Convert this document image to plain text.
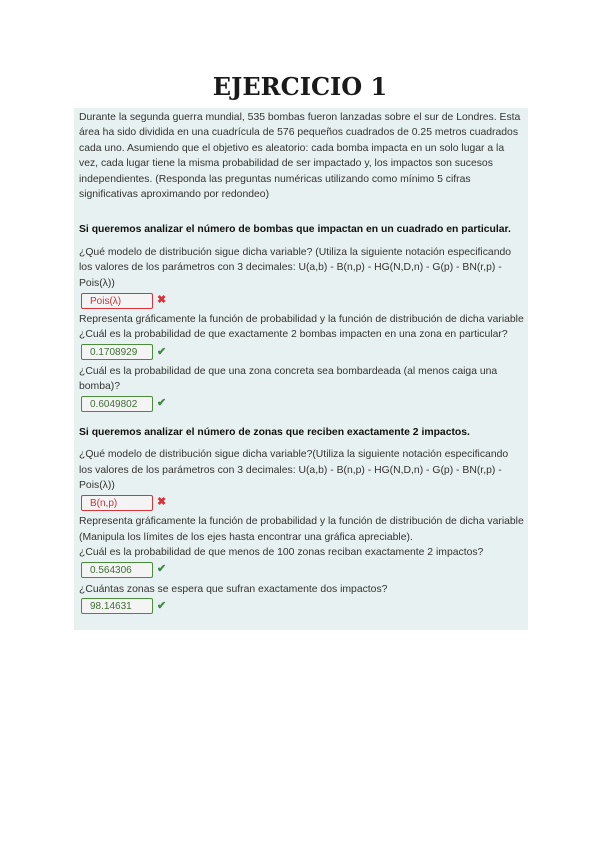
EJERCICIO 1

Durante la segunda guerra mundial, 535 bombas fueron lanzadas sobre el sur de Londres. Esta área ha sido dividida en una cuadrícula de 576 pequeños cuadrados de 0.25 metros cuadrados cada uno. Asumiendo que el objetivo es aleatorio: cada bomba impacta en un solo lugar a la vez, cada lugar tiene la misma probabilidad de ser impactado y, los impactos son sucesos independientes. (Responda las preguntas numéricas utilizando como mínimo 5 cifras significativas aproximando por redondeo)

Si queremos analizar el número de bombas que impactan en un cuadrado en particular.

¿Qué modelo de distribución sigue dicha variable? (Utiliza la siguiente notación especificando los valores de los parámetros con 3 decimales: U(a,b) - B(n,p) - HG(N,D,n) - G(p) - BN(r,p) - Pois(λ))

Pois(λ)	✖

Representa gráficamente la función de probabilidad y la función de distribución de dicha variable

¿Cuál es la probabilidad de que exactamente 2 bombas impacten en una zona en particular?

0.1708929	✔

¿Cuál es la probabilidad de que una zona concreta sea bombardeada (al menos caiga una bomba)?

0.6049802	✔

Si queremos analizar el número de zonas que reciben exactamente 2 impactos.

¿Qué modelo de distribución sigue dicha variable?(Utiliza la siguiente notación especificando los valores de los parámetros con 3 decimales: U(a,b) - B(n,p) - HG(N,D,n) - G(p) - BN(r,p) - Pois(λ))

B(n,p)	✖

Representa gráficamente la función de probabilidad y la función de distribución de dicha variable (Manipula los límites de los ejes hasta encontrar una gráfica apreciable).

¿Cuál es la probabilidad de que menos de 100 zonas reciban exactamente 2 impactos?

0.564306	✔

¿Cuántas zonas se espera que sufran exactamente dos impactos?

98.14631	✔
